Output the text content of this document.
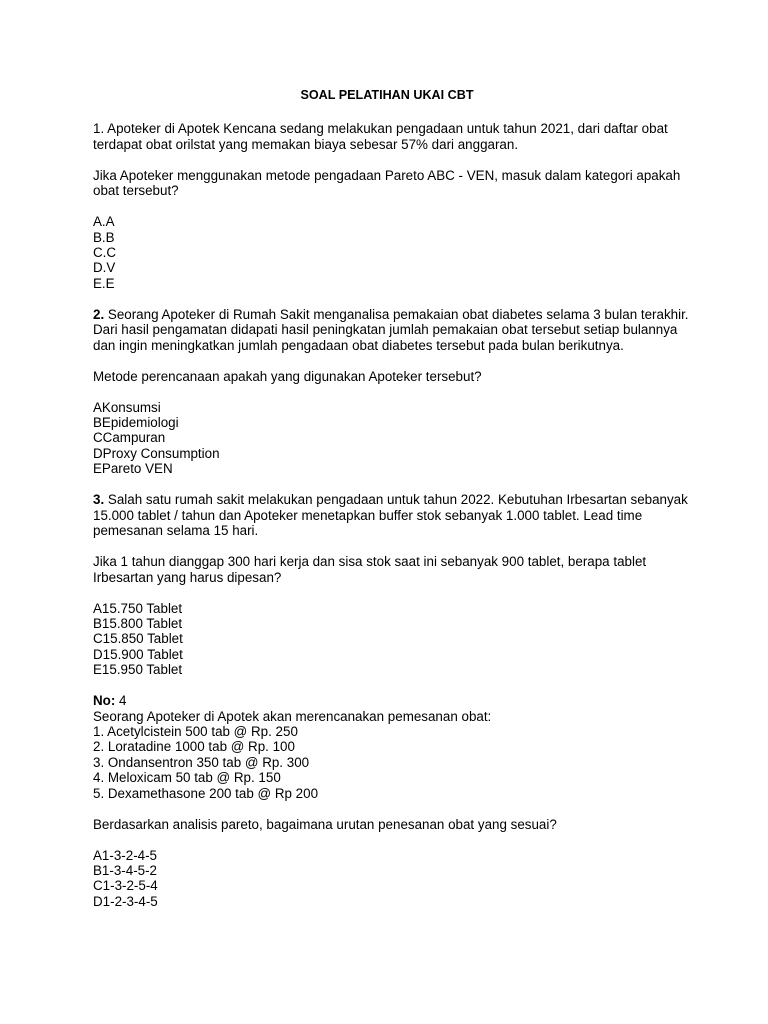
SOAL PELATIHAN UKAI CBT
1. Apoteker di Apotek Kencana sedang melakukan pengadaan untuk tahun 2021, dari daftar obat terdapat obat orilstat yang memakan biaya sebesar 57% dari anggaran.
Jika Apoteker menggunakan metode pengadaan Pareto ABC - VEN, masuk dalam kategori apakah obat tersebut?
A.A
B.B
C.C
D.V
E.E
2. Seorang Apoteker di Rumah Sakit menganalisa pemakaian obat diabetes selama 3 bulan terakhir. Dari hasil pengamatan didapati hasil peningkatan jumlah pemakaian obat tersebut setiap bulannya dan ingin meningkatkan jumlah pengadaan obat diabetes tersebut pada bulan berikutnya.
Metode perencanaan apakah yang digunakan Apoteker tersebut?
AKonsumsi
BEpidemiologi
CCampuran
DProxy Consumption
EPareto VEN
3. Salah satu rumah sakit melakukan pengadaan untuk tahun 2022. Kebutuhan Irbesartan sebanyak 15.000 tablet / tahun dan Apoteker menetapkan buffer stok sebanyak 1.000 tablet. Lead time pemesanan selama 15 hari.
Jika 1 tahun dianggap 300 hari kerja dan sisa stok saat ini sebanyak 900 tablet, berapa tablet Irbesartan yang harus dipesan?
A15.750 Tablet
B15.800 Tablet
C15.850 Tablet
D15.900 Tablet
E15.950 Tablet
No: 4
Seorang Apoteker di Apotek akan merencanakan pemesanan obat:
1. Acetylcistein 500 tab @ Rp. 250
2. Loratadine 1000 tab @ Rp. 100
3. Ondansentron 350 tab @ Rp. 300
4. Meloxicam 50 tab @ Rp. 150
5. Dexamethasone 200 tab @ Rp 200
Berdasarkan analisis pareto, bagaimana urutan penesanan obat yang sesuai?
A1-3-2-4-5
B1-3-4-5-2
C1-3-2-5-4
D1-2-3-4-5
